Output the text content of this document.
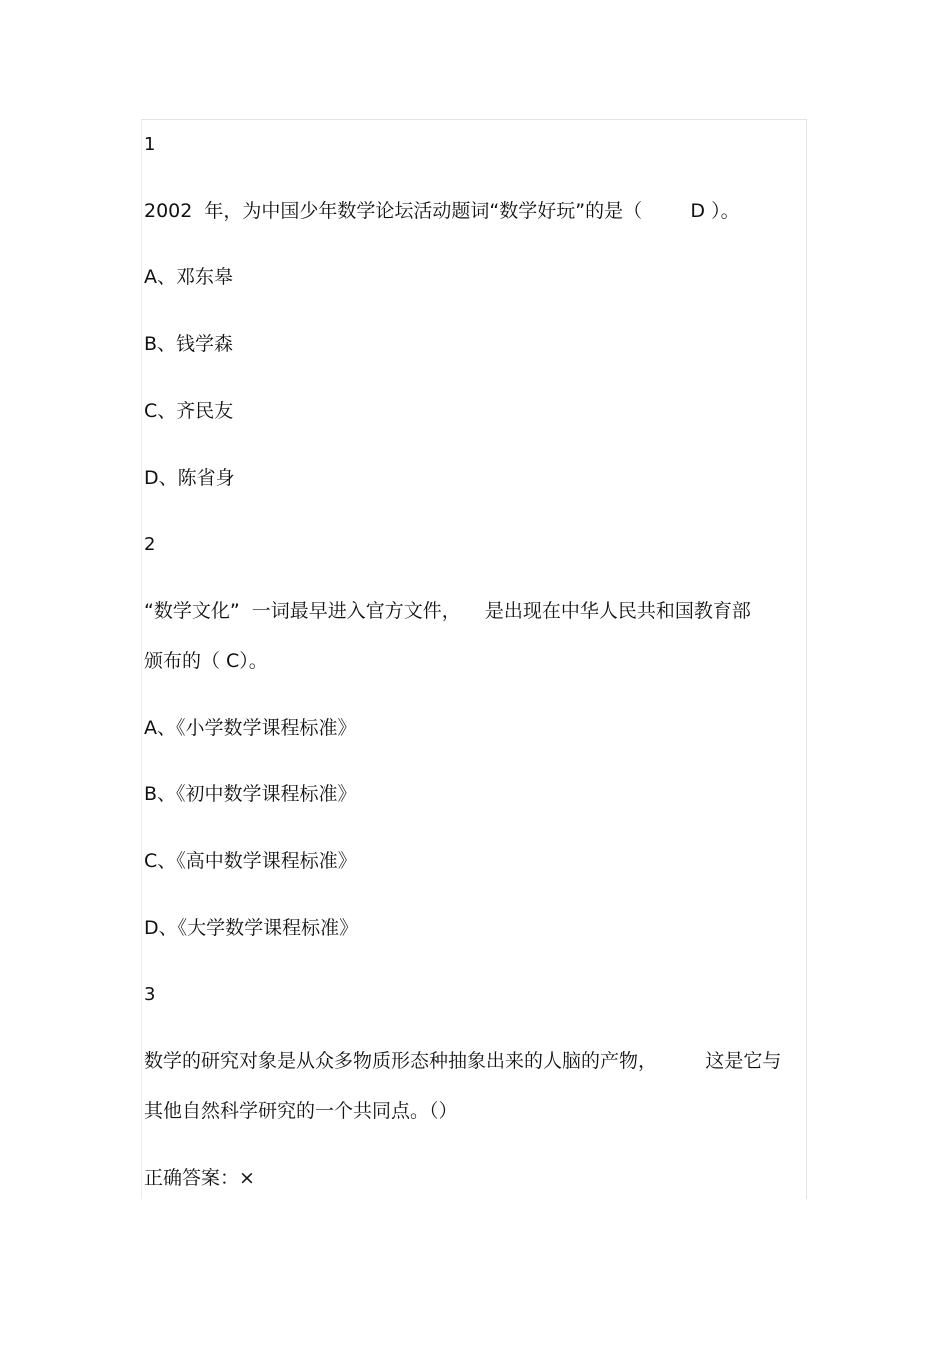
1

2002  年，为中国少年数学论坛活动题词“数学好玩”的是（        D ）。

A、邓东皋

B、钱学森

C、齐民友

D、陈省身

2

“数学文化”  一词最早进入官方文件，    是出现在中华人民共和国教育部

颁布的（ C）。

A、《小学数学课程标准》

B、《初中数学课程标准》

C、《高中数学课程标准》

D、《大学数学课程标准》

3

数学的研究对象是从众多物质形态种抽象出来的人脑的产物，        这是它与

其他自然科学研究的一个共同点。（）

正确答案：×
